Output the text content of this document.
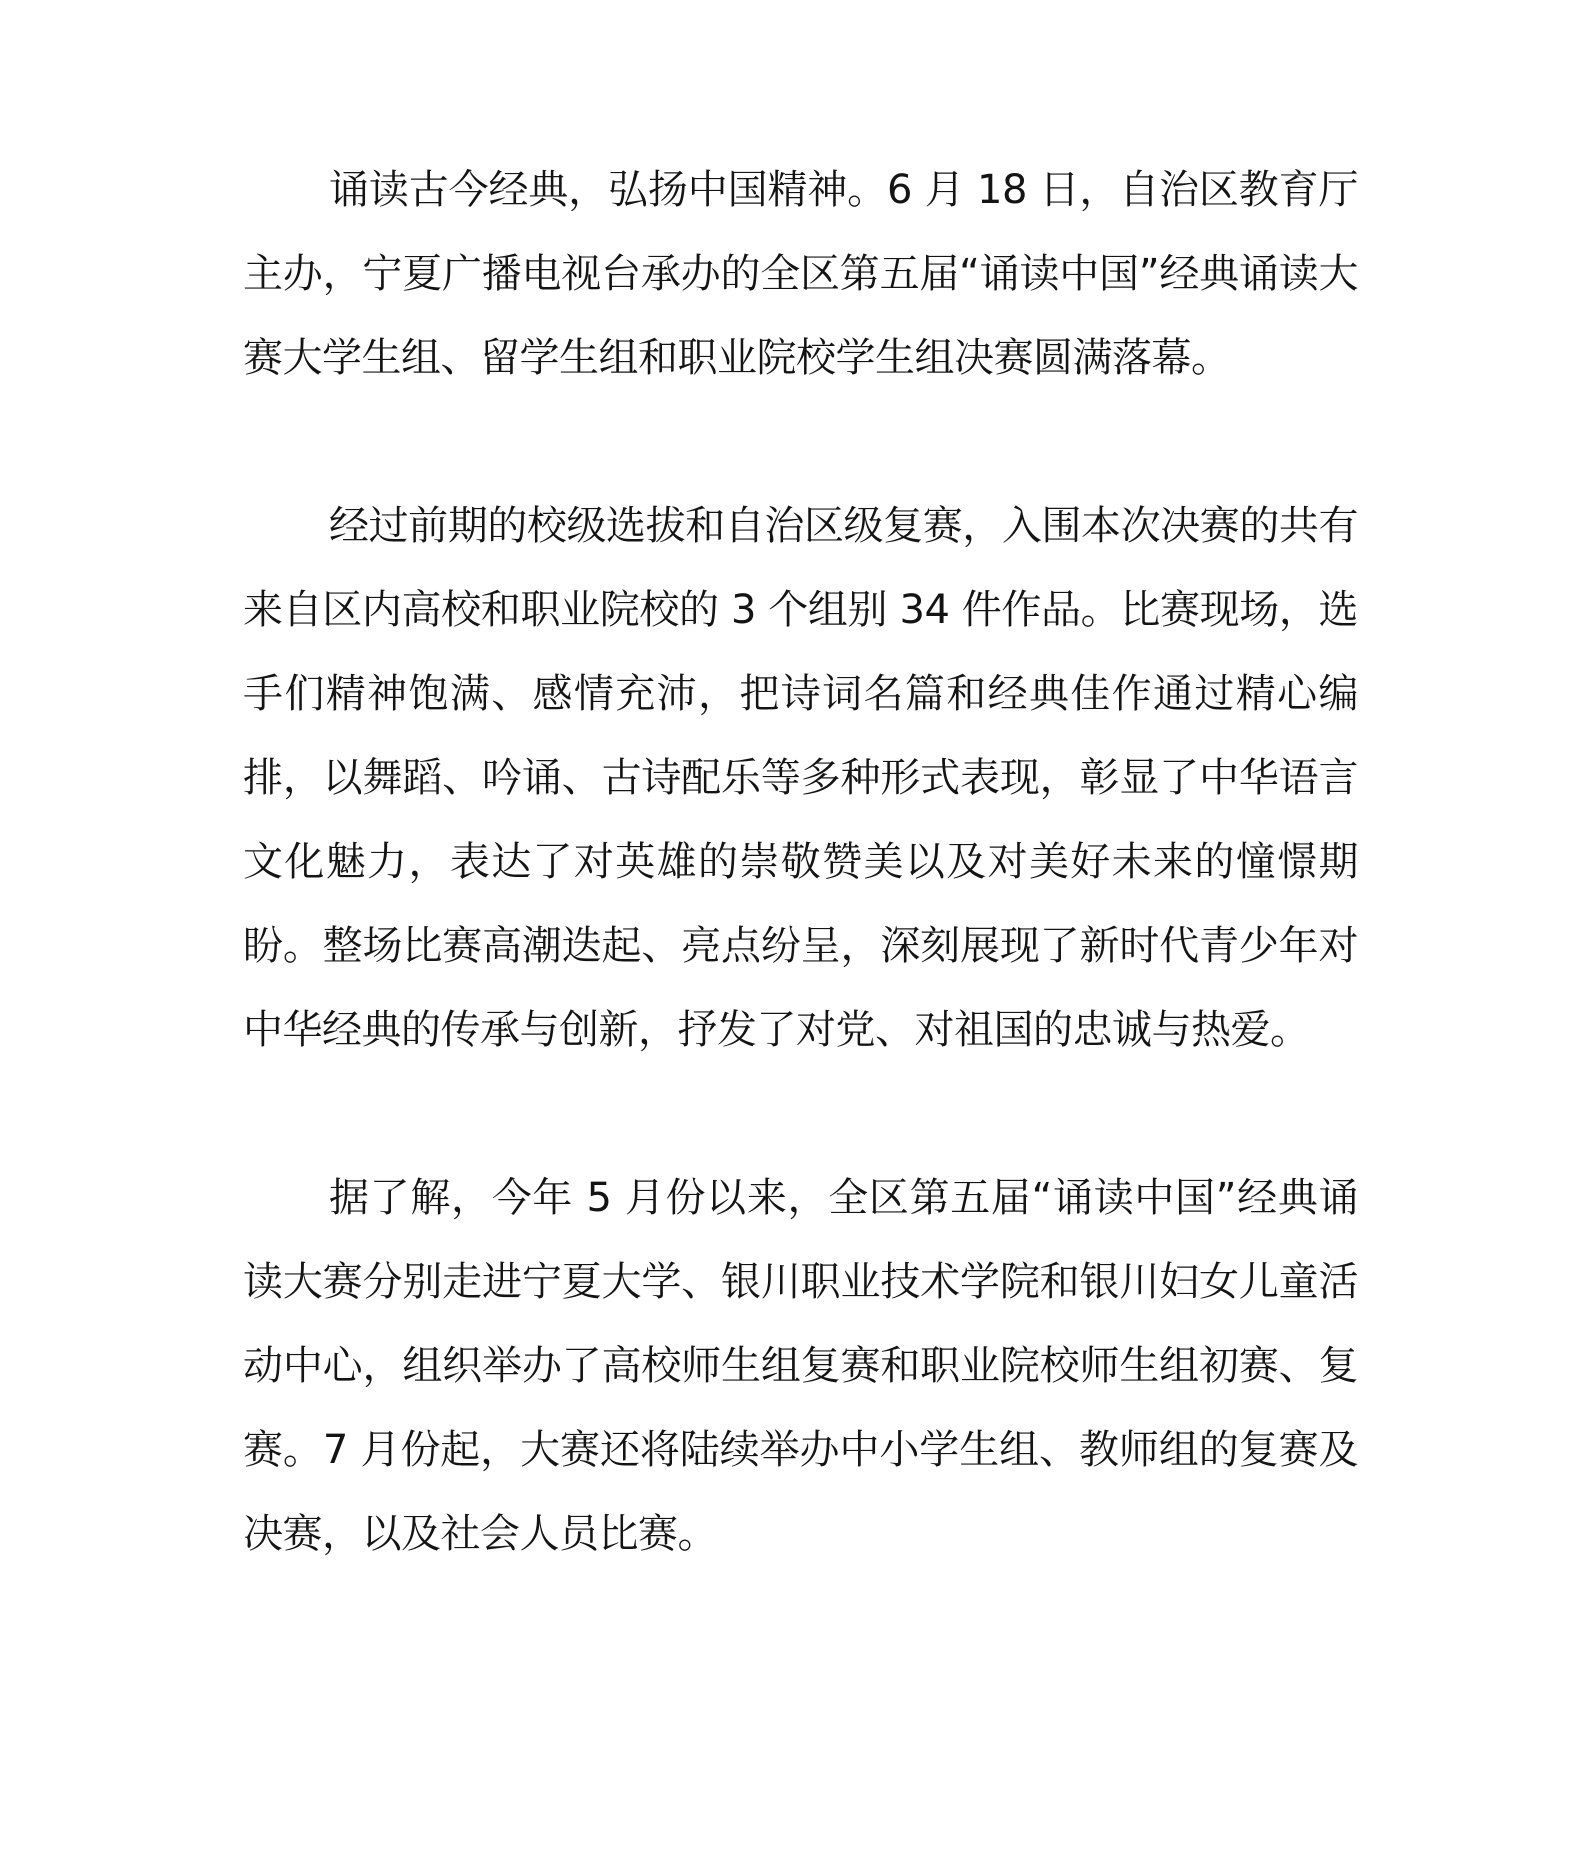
诵读古今经典，弘扬中国精神。6 月 18 日，自治区教育厅主办，宁夏广播电视台承办的全区第五届“诵读中国”经典诵读大赛大学生组、留学生组和职业院校学生组决赛圆满落幕。

经过前期的校级选拔和自治区级复赛，入围本次决赛的共有来自区内高校和职业院校的 3 个组别 34 件作品。比赛现场，选手们精神饱满、感情充沛，把诗词名篇和经典佳作通过精心编排，以舞蹈、吟诵、古诗配乐等多种形式表现，彰显了中华语言文化魅力，表达了对英雄的崇敬赞美以及对美好未来的憧憬期盼。整场比赛高潮迭起、亮点纷呈，深刻展现了新时代青少年对中华经典的传承与创新，抒发了对党、对祖国的忠诚与热爱。

据了解，今年 5 月份以来，全区第五届“诵读中国”经典诵读大赛分别走进宁夏大学、银川职业技术学院和银川妇女儿童活动中心，组织举办了高校师生组复赛和职业院校师生组初赛、复赛。7 月份起，大赛还将陆续举办中小学生组、教师组的复赛及决赛，以及社会人员比赛。
